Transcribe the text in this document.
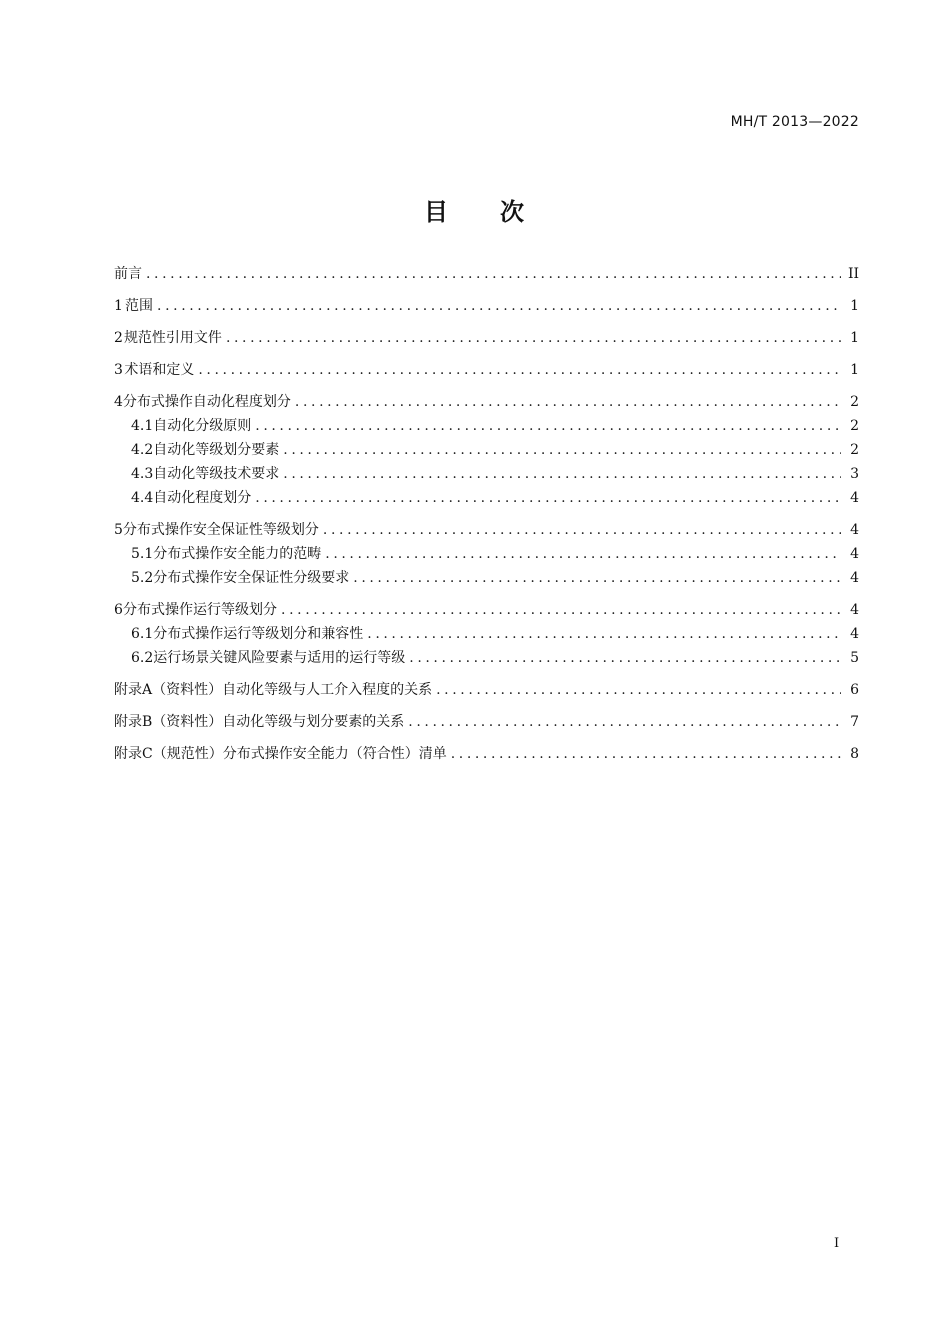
MH/T 2013—2022
目 次
前言 .....	II
1 范围 .....	1
2 规范性引用文件 .....	1
3 术语和定义 .....	1
4 分布式操作自动化程度划分 .....	2
4.1 自动化分级原则 .....	2
4.2 自动化等级划分要素 .....	2
4.3 自动化等级技术要求 .....	3
4.4 自动化程度划分 .....	4
5 分布式操作安全保证性等级划分 .....	4
5.1 分布式操作安全能力的范畴 .....	4
5.2 分布式操作安全保证性分级要求 .....	4
6 分布式操作运行等级划分 .....	4
6.1 分布式操作运行等级划分和兼容性 .....	4
6.2 运行场景关键风险要素与适用的运行等级 .....	5
附录A（资料性） 自动化等级与人工介入程度的关系 .....	6
附录B（资料性） 自动化等级与划分要素的关系 .....	7
附录C（规范性） 分布式操作安全能力（符合性）清单 .....	8
I
